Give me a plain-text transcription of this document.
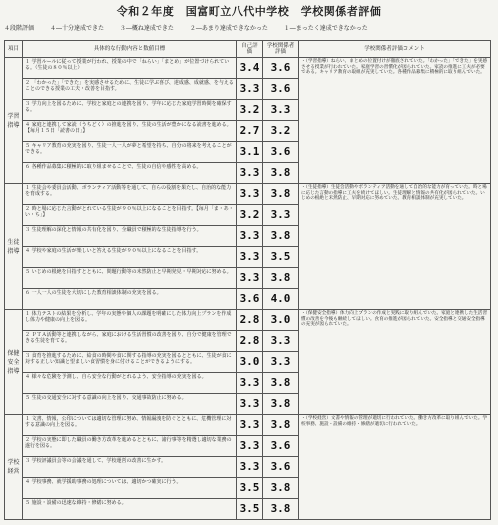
令和２年度　国富町立八代中学校　学校関係者評価
４段階評価	４―十分達成できた	３―概ね達成できた	２―あまり達成できなかった	１―まったく達成できなかった
項目	具体的な行動内容と数値目標	自己評価	学校関係者評価	学校関係者評価コメント
学習指導	１ 学習ルールに従って授業が行われ、授業の中で「ねらい」「まとめ」が位置づけられている。（生徒の８０％以上）	3.4	3.6	・（学習指導）ねらい、まとめの位置付けが徹底されていた。「わかった」「できた」を実感させる授業が行われていた。家庭学習の習慣化が図られていた。家読の推進に工夫が必要である。キャリア教育の取組が充実していた。各種作品募集に積極的に取り組んでいた。
	２ 「わかった」「できた」を実感させるために、生徒に学ぶ喜び、達成感、成就感、を与えることのできる授業の工夫・改善を目指す。	3.3	3.6	
	３ 学力向上を図るために、学校と家庭との連携を図り、学年に応じた家庭学習時間を確保する。	3.2	3.3	
	４ 家庭と連携して家読（うちどく）の推進を図り、生徒の生活が豊かになる読書を進める。【毎月１５日「読書の日」】	2.7	3.2	
	５ キャリア教育の充実を図り、生徒一人一人が夢と希望を持ち、自分の将来を考えることができる。	3.1	3.6	
	６ 各種作品募集に積極的に取り組ませることで、生徒の自信や感性を高める。	3.3	3.8	
生徒指導	１ 生徒会や委員会活動、ボランティア活動等を通して、自らの役割を果たし、自治的な能力を育成する。	3.3	3.8	・（生徒指導）生徒会活動やボランティア活動を通して自治的な能力が育っていた。時と場に応じた言動の指導に工夫を続けてほしい。生徒理解と情報の共有化が図られていた。いじめの根絶と未然防止、早期対応に努めていた。教育相談体制が充実していた。
	２ 時と場に応じた言動がとれている生徒が９０％以上になることを目指す。【毎月「ま・あ・い・ち」】	3.2	3.3	
	３ 生徒理解の深化と情報の共有化を図り、全職員で積極的な生徒指導を行う。	3.3	3.8	
	４ 学校や家庭の生活が楽しいと答える生徒が９０％以上になることを目指す。	3.3	3.5	
	５ いじめの根絶を目指すとともに、問題行動等の未然防止と早期発見・早期対応に努める。	3.3	3.8	
	６ 一人一人の生徒を大切にした教育相談体制の充実を図る。	3.6	4.0	
保健安全指導	１ 体力テストの結果を分析し、学年の実態や個人の課題を明確にした体力向上プランを作成し体力や健康の向上を図る。	2.8	3.0	・（保健安全指導）体力向上プランの作成と実践に取り組んでいた。家庭と連携した生活習慣の改善を今後も継続してほしい。食育の推進が図られていた。安全指導と交通安全指導の充実が図られていた。
	２ ＰＴＡ活動等と連携しながら、家庭における生活習慣の改善を図り、自分で健康を管理できる生徒を育てる。	2.8	3.3	
	３ 食育を推進するために、給食の時間や食に関する指導の充実を図るとともに、生徒が食に対する正しい知識と望ましい食習慣を身に付けることができるようにする。	3.0	3.3	
	４ 様々な危険を予測し、自ら安全な行動がとれるよう、安全指導の充実を図る。	3.3	3.8	
	５ 生徒の交通安全に対する意識の向上を図り、交通事故防止に努める。	3.3	3.8	
学校経営	１ 文書、情報、公印については適切な管理に努め、情報漏洩を防ぐとともに、危機管理に対する意識の向上を図る。	3.3	3.8	・（学校経営）文書や情報の管理が適切に行われていた。働き方改革に取り組んでいた。学校事務、施設・設備の維持・修繕が適切に行われていた。
	２ 学校の実態に即した職員の働き方改革を進めるとともに、諸行事等を精選し適切な業務の遂行を図る。	3.3	3.6	
	３ 学校評議員会等の会議を通して、学校運営の改善に生かす。	3.3	3.6	
	４ 学校事務、就学援助事務の処理については、適切かつ確実に行う。	3.5	3.8	
	５ 施設・設備の迅速な維持・修繕に努める。	3.5	3.8	
